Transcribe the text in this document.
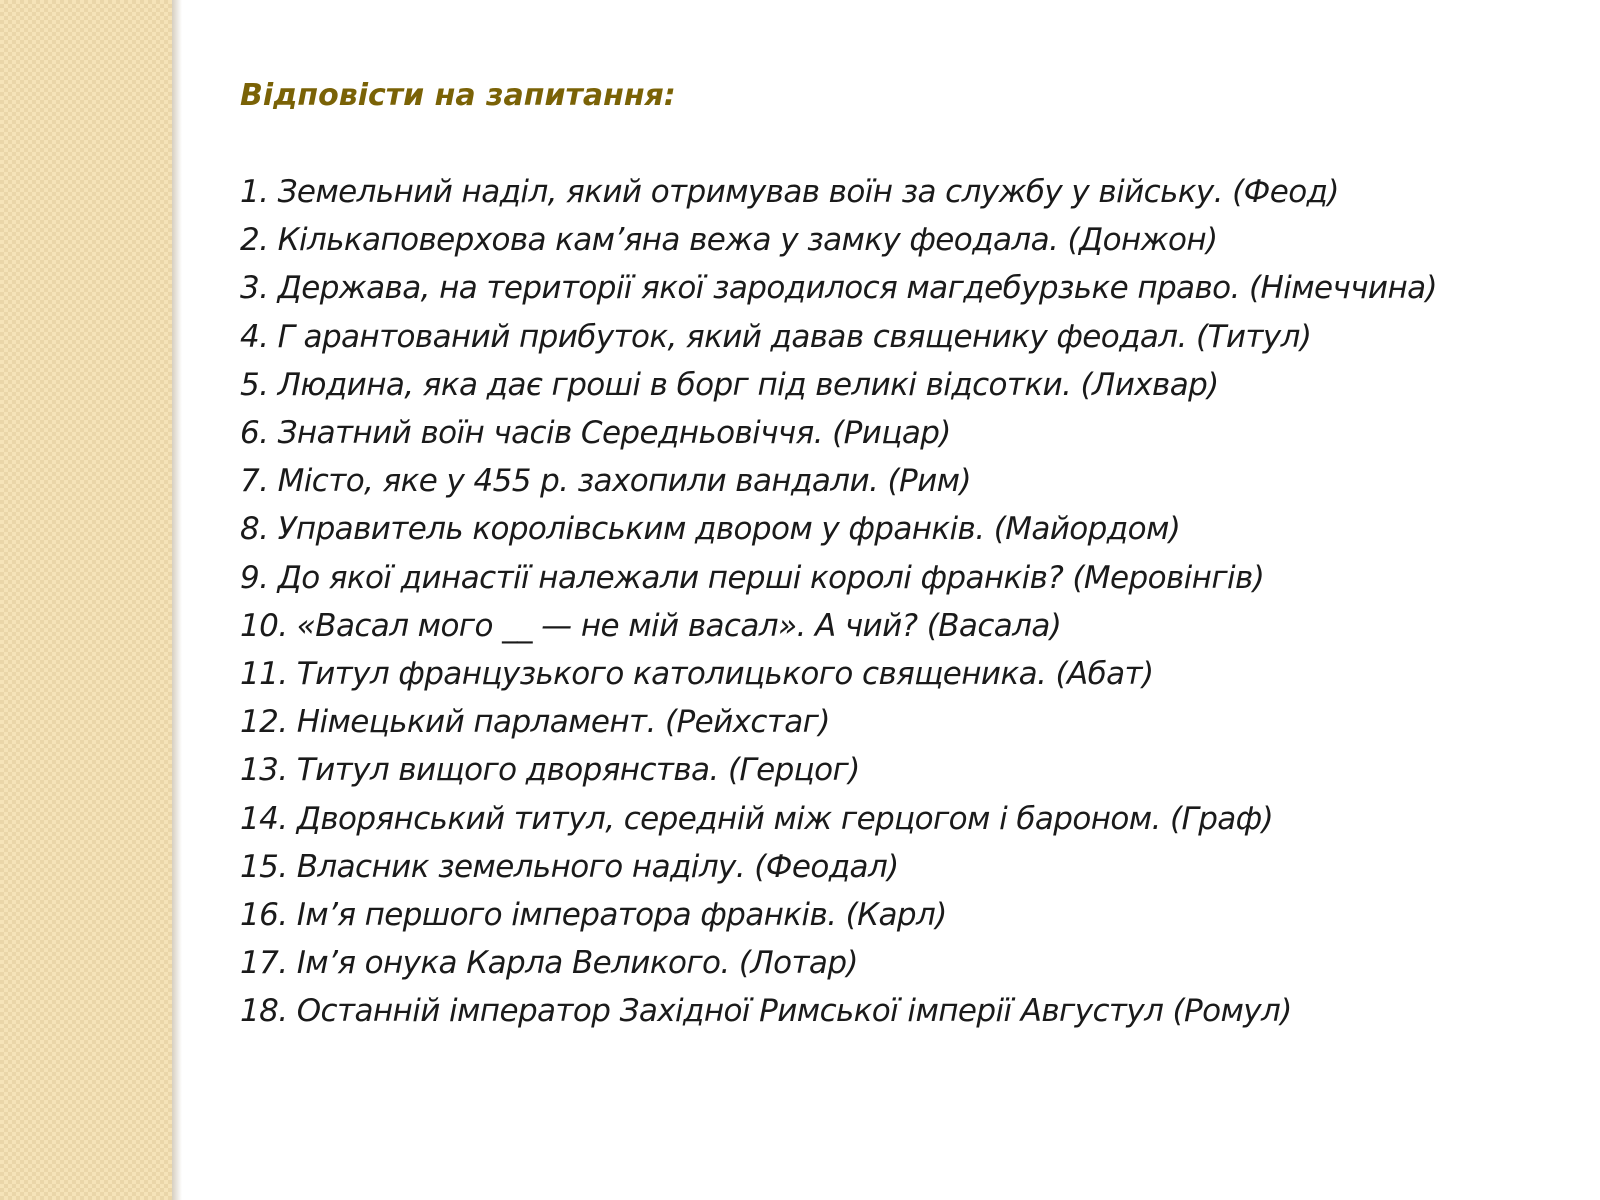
Відповісти на запитання:
1. Земельний наділ, який отримував воїн за службу у війську. (Феод)
2. Кількаповерхова кам’яна вежа у замку феодала. (Донжон)
3. Держава, на території якої зародилося магдебурзьке право. (Німеччина)
4. Г арантований прибуток, який давав священику феодал. (Титул)
5. Людина, яка дає гроші в борг під великі відсотки. (Лихвар)
6. Знатний воїн часів Середньовіччя. (Рицар)
7. Місто, яке у 455 р. захопили вандали. (Рим)
8. Управитель королівським двором у франків. (Майордом)
9. До якої династії належали перші королі франків? (Меровінгів)
10. «Васал мого __ — не мій васал». А чий? (Васала)
11. Титул французького католицького священика. (Абат)
12. Німецький парламент. (Рейхстаг)
13. Титул вищого дворянства. (Герцог)
14. Дворянський титул, середній між герцогом і бароном. (Граф)
15. Власник земельного наділу. (Феодал)
16. Ім’я першого імператора франків. (Карл)
17. Ім’я онука Карла Великого. (Лотар)
18. Останній імператор Західної Римської імперії Августул (Ромул)
